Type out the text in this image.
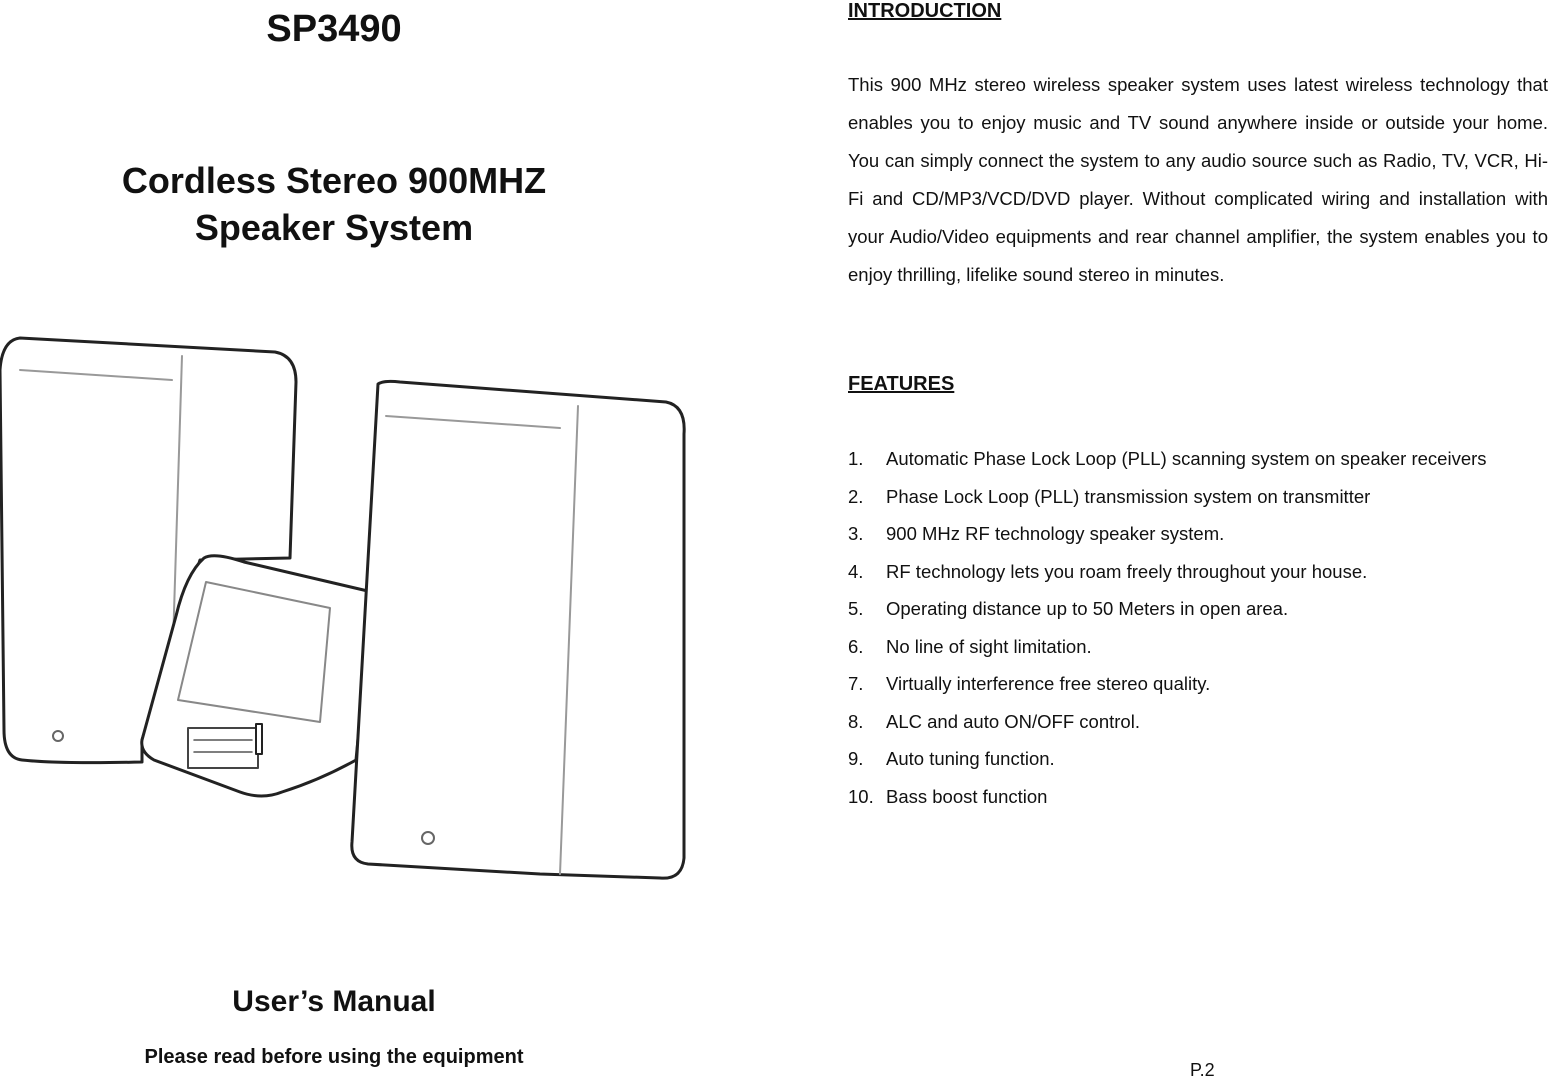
SP3490
Cordless Stereo 900MHZ
Speaker System
User’s Manual
Please read before using the equipment
INTRODUCTION

This 900 MHz stereo wireless speaker system uses latest wireless technology that enables you to enjoy music and TV sound anywhere inside or outside your home. You can simply connect the system to any audio source such as Radio, TV, VCR, Hi-Fi and CD/MP3/VCD/DVD player. Without complicated wiring and installation with your Audio/Video equipments and rear channel amplifier, the system enables you to enjoy thrilling, lifelike sound stereo in minutes.

FEATURES
1.	Automatic Phase Lock Loop (PLL) scanning system on speaker receivers
2.	Phase Lock Loop (PLL) transmission system on transmitter
3.	900 MHz RF technology speaker system.
4.	RF technology lets you roam freely throughout your house.
5.	Operating distance up to 50 Meters in open area.
6.	No line of sight limitation.
7.	Virtually interference free stereo quality.
8.	ALC and auto ON/OFF control.
9.	Auto tuning function.
10. Bass boost function
P.2
